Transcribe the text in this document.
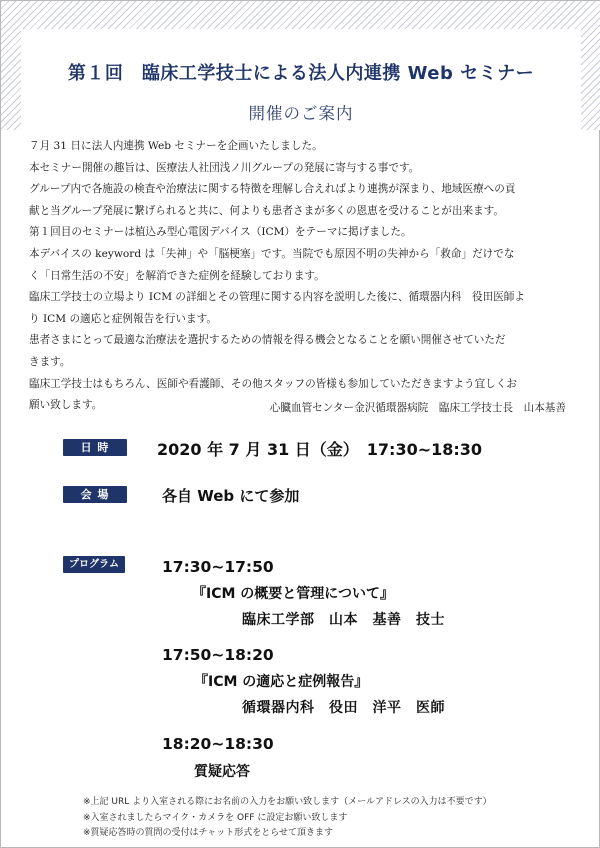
第１回　臨床工学技士による法人内連携 Web セミナー
開催のご案内
７月 31 日に法人内連携 Web セミナーを企画いたしました。
本セミナー開催の趣旨は、医療法人社団浅ノ川グループの発展に寄与する事です。
グループ内で各施設の検査や治療法に関する特徴を理解し合えればより連携が深まり、地域医療への貢
献と当グループ発展に繋げられると共に、何よりも患者さまが多くの恩恵を受けることが出来ます。
第１回目のセミナーは植込み型心電図デバイス（ICM）をテーマに掲げました。
本デバイスの keyword は「失神」や「脳梗塞」です。当院でも原因不明の失神から「救命」だけでな
く「日常生活の不安」を解消できた症例を経験しております。
臨床工学技士の立場より ICM の詳細とその管理に関する内容を説明した後に、循環器内科　役田医師よ
り ICM の適応と症例報告を行います。
患者さまにとって最適な治療法を選択するための情報を得る機会となることを願い開催させていただ
きます。
臨床工学技士はもちろん、医師や看護師、その他スタッフの皆様も参加していただきますよう宜しくお
願い致します。	心臓血管センター金沢循環器病院　臨床工学技士長　山本基善
日 時	2020 年 7 月 31 日（金）　17:30~18:30
会 場	各自 Web にて参加
プログラム	17:30~17:50
『ICM の概要と管理について』
臨床工学部　山本　基善　技士
17:50~18:20
『ICM の適応と症例報告』
循環器内科　役田　洋平　医師
18:20~18:30
質疑応答
※上記 URL より入室される際にお名前の入力をお願い致します（メールアドレスの入力は不要です）
※入室されましたらマイク・カメラを OFF に設定お願い致します
※質疑応答時の質問の受付はチャット形式をとらせて頂きます
